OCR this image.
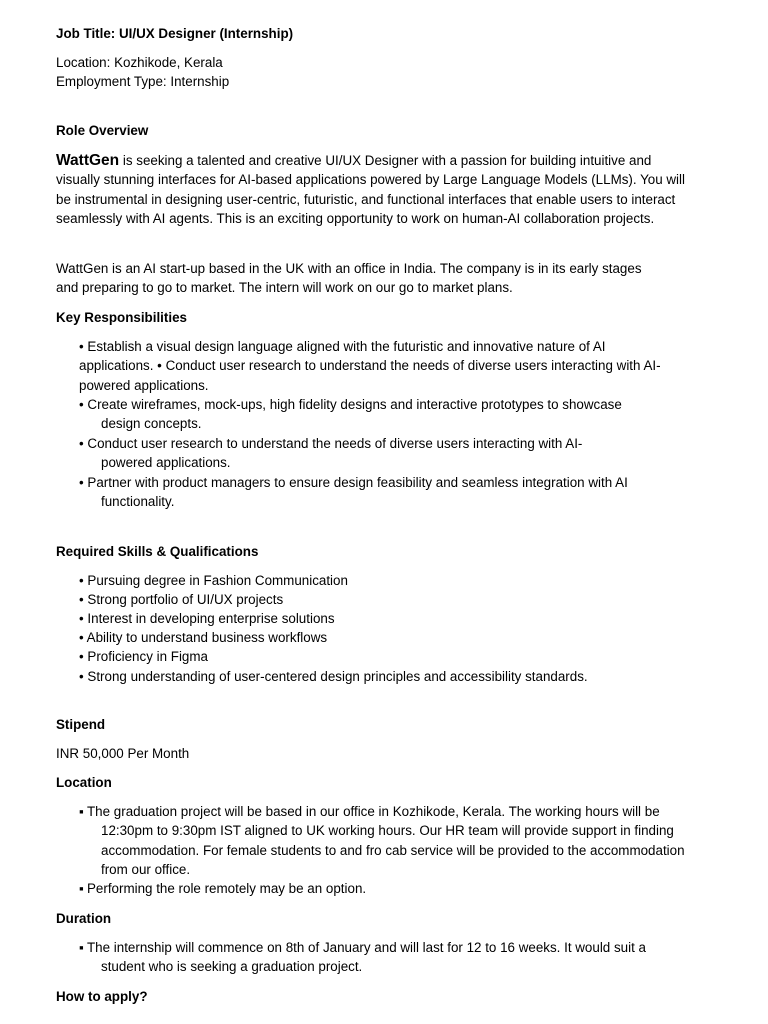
Job Title: UI/UX Designer (Internship)

Location: Kozhikode, Kerala

Employment Type: Internship

Role Overview

WattGen is seeking a talented and creative UI/UX Designer with a passion for building intuitive and visually stunning interfaces for AI-based applications powered by Large Language Models (LLMs). You will be instrumental in designing user-centric, futuristic, and functional interfaces that enable users to interact seamlessly with AI agents. This is an exciting opportunity to work on human-AI collaboration projects.

WattGen is an AI start-up based in the UK with an office in India. The company is in its early stages and preparing to go to market. The intern will work on our go to market plans.

Key Responsibilities

• Establish a visual design language aligned with the futuristic and innovative nature of AI applications. • Conduct user research to understand the needs of diverse users interacting with AI-powered applications.

• Create wireframes, mock-ups, high fidelity designs and interactive prototypes to showcase design concepts.

• Conduct user research to understand the needs of diverse users interacting with AI-powered applications.

• Partner with product managers to ensure design feasibility and seamless integration with AI functionality.

Required Skills & Qualifications

• Pursuing degree in Fashion Communication

• Strong portfolio of UI/UX projects

• Interest in developing enterprise solutions

• Ability to understand business workflows

• Proficiency in Figma

• Strong understanding of user-centered design principles and accessibility standards.

Stipend

INR 50,000 Per Month

Location

▪ The graduation project will be based in our office in Kozhikode, Kerala. The working hours will be 12:30pm to 9:30pm IST aligned to UK working hours. Our HR team will provide support in finding accommodation. For female students to and fro cab service will be provided to the accommodation from our office.

▪ Performing the role remotely may be an option.

Duration

▪ The internship will commence on 8th of January and will last for 12 to 16 weeks. It would suit a student who is seeking a graduation project.

How to apply?
